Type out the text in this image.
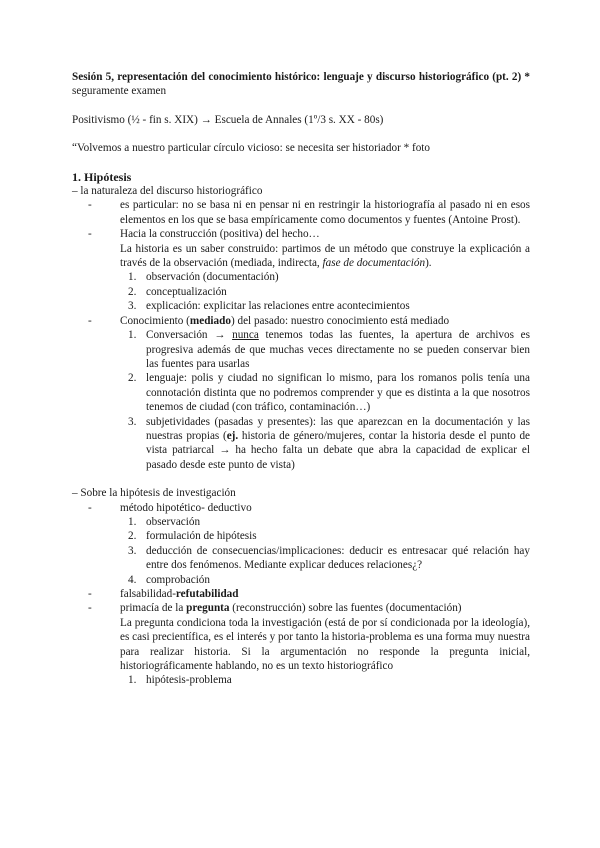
Sesión 5, representación del conocimiento histórico: lenguaje y discurso historiográfico (pt. 2) * seguramente examen

Positivismo (½ - fin s. XIX) → Escuela de Annales (1º/3 s. XX - 80s)

“Volvemos a nuestro particular círculo vicioso: se necesita ser historiador * foto

1. Hipótesis

– la naturaleza del discurso historiográfico

-	es particular: no se basa ni en pensar ni en restringir la historiografía al pasado ni en esos elementos en los que se basa empíricamente como documentos y fuentes (Antoine Prost).

-	Hacia la construcción (positiva) del hecho…

La historia es un saber construido: partimos de un método que construye la explicación a través de la observación (mediada, indirecta, fase de documentación).

1. observación (documentación)
2. conceptualización
3. explicación: explicitar las relaciones entre acontecimientos
-	Conocimiento (mediado) del pasado: nuestro conocimiento está mediado

1. Conversación → nunca tenemos todas las fuentes, la apertura de archivos es progresiva además de que muchas veces directamente no se pueden conservar bien las fuentes para usarlas
2. lenguaje: polis y ciudad no significan lo mismo, para los romanos polis tenía una connotación distinta que no podremos comprender y que es distinta a la que nosotros tenemos de ciudad (con tráfico, contaminación…)
3. subjetividades (pasadas y presentes): las que aparezcan en la documentación y las nuestras propias (ej. historia de género/mujeres, contar la historia desde el punto de vista patriarcal → ha hecho falta un debate que abra la capacidad de explicar el pasado desde este punto de vista)

– Sobre la hipótesis de investigación

-	método hipotético- deductivo

1. observación
2. formulación de hipótesis
3. deducción de consecuencias/implicaciones: deducir es entresacar qué relación hay entre dos fenómenos. Mediante explicar deduces relaciones¿?
4. comprobación
-	falsabilidad-refutabilidad

-	primacía de la pregunta (reconstrucción) sobre las fuentes (documentación)

La pregunta condiciona toda la investigación (está de por sí condicionada por la ideología), es casi precientífica, es el interés y por tanto la historia-problema es una forma muy nuestra para realizar historia. Si la argumentación no responde la pregunta inicial, historiográficamente hablando, no es un texto historiográfico

1. hipótesis-problema
